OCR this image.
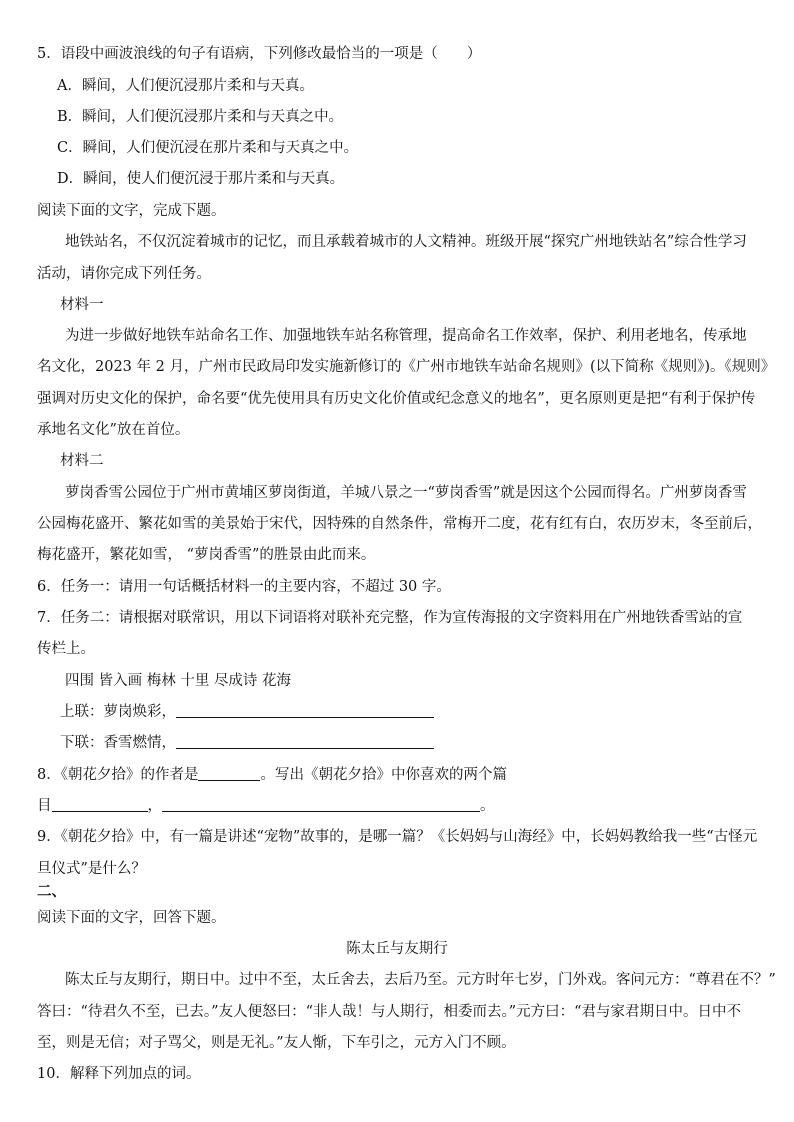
5．语段中画波浪线的句子有语病，下列修改最恰当的一项是（　　）
A．瞬间，人们便沉浸那片柔和与天真。
B．瞬间，人们便沉浸那片柔和与天真之中。
C．瞬间，人们便沉浸在那片柔和与天真之中。
D．瞬间，使人们便沉浸于那片柔和与天真。
阅读下面的文字，完成下题。
地铁站名，不仅沉淀着城市的记忆，而且承载着城市的人文精神。班级开展“探究广州地铁站名”综合性学习
活动，请你完成下列任务。
材料一
为进一步做好地铁车站命名工作、加强地铁车站名称管理，提高命名工作效率，保护、利用老地名，传承地
名文化，2023 年 2 月，广州市民政局印发实施新修订的《广州市地铁车站命名规则》(以下简称《规则》)。《规则》
强调对历史文化的保护，命名要“优先使用具有历史文化价值或纪念意义的地名”，更名原则更是把“有利于保护传
承地名文化”放在首位。
材料二
萝岗香雪公园位于广州市黄埔区萝岗街道，羊城八景之一“萝岗香雪”就是因这个公园而得名。广州萝岗香雪
公园梅花盛开、繁花如雪的美景始于宋代，因特殊的自然条件，常梅开二度，花有红有白，农历岁末，冬至前后，
梅花盛开，繁花如雪， “萝岗香雪”的胜景由此而来。
6．任务一：请用一句话概括材料一的主要内容，不超过 30 字。
7．任务二：请根据对联常识，用以下词语将对联补充完整，作为宣传海报的文字资料用在广州地铁香雪站的宣
传栏上。
四围 皆入画 梅林 十里 尽成诗 花海
上联：萝岗焕彩，
下联：香雪燃情，
8．《朝花夕拾》的作者是	。写出《朝花夕拾》中你喜欢的两个篇
目	，	。
9．《朝花夕拾》中，有一篇是讲述“宠物”故事的，是哪一篇？《长妈妈与山海经》中，长妈妈教给我一些“古怪元
旦仪式”是什么？
二、
阅读下面的文字，回答下题。
陈太丘与友期行
陈太丘与友期行，期日中。过中不至，太丘舍去，去后乃至。元方时年七岁，门外戏。客问元方：“尊君在不？”
答曰：“待君久不至，已去。”友人便怒曰：“非人哉！与人期行，相委而去。”元方曰：“君与家君期日中。日中不
至，则是无信；对子骂父，则是无礼。”友人惭，下车引之，元方入门不顾。
10．解释下列加点的词。
